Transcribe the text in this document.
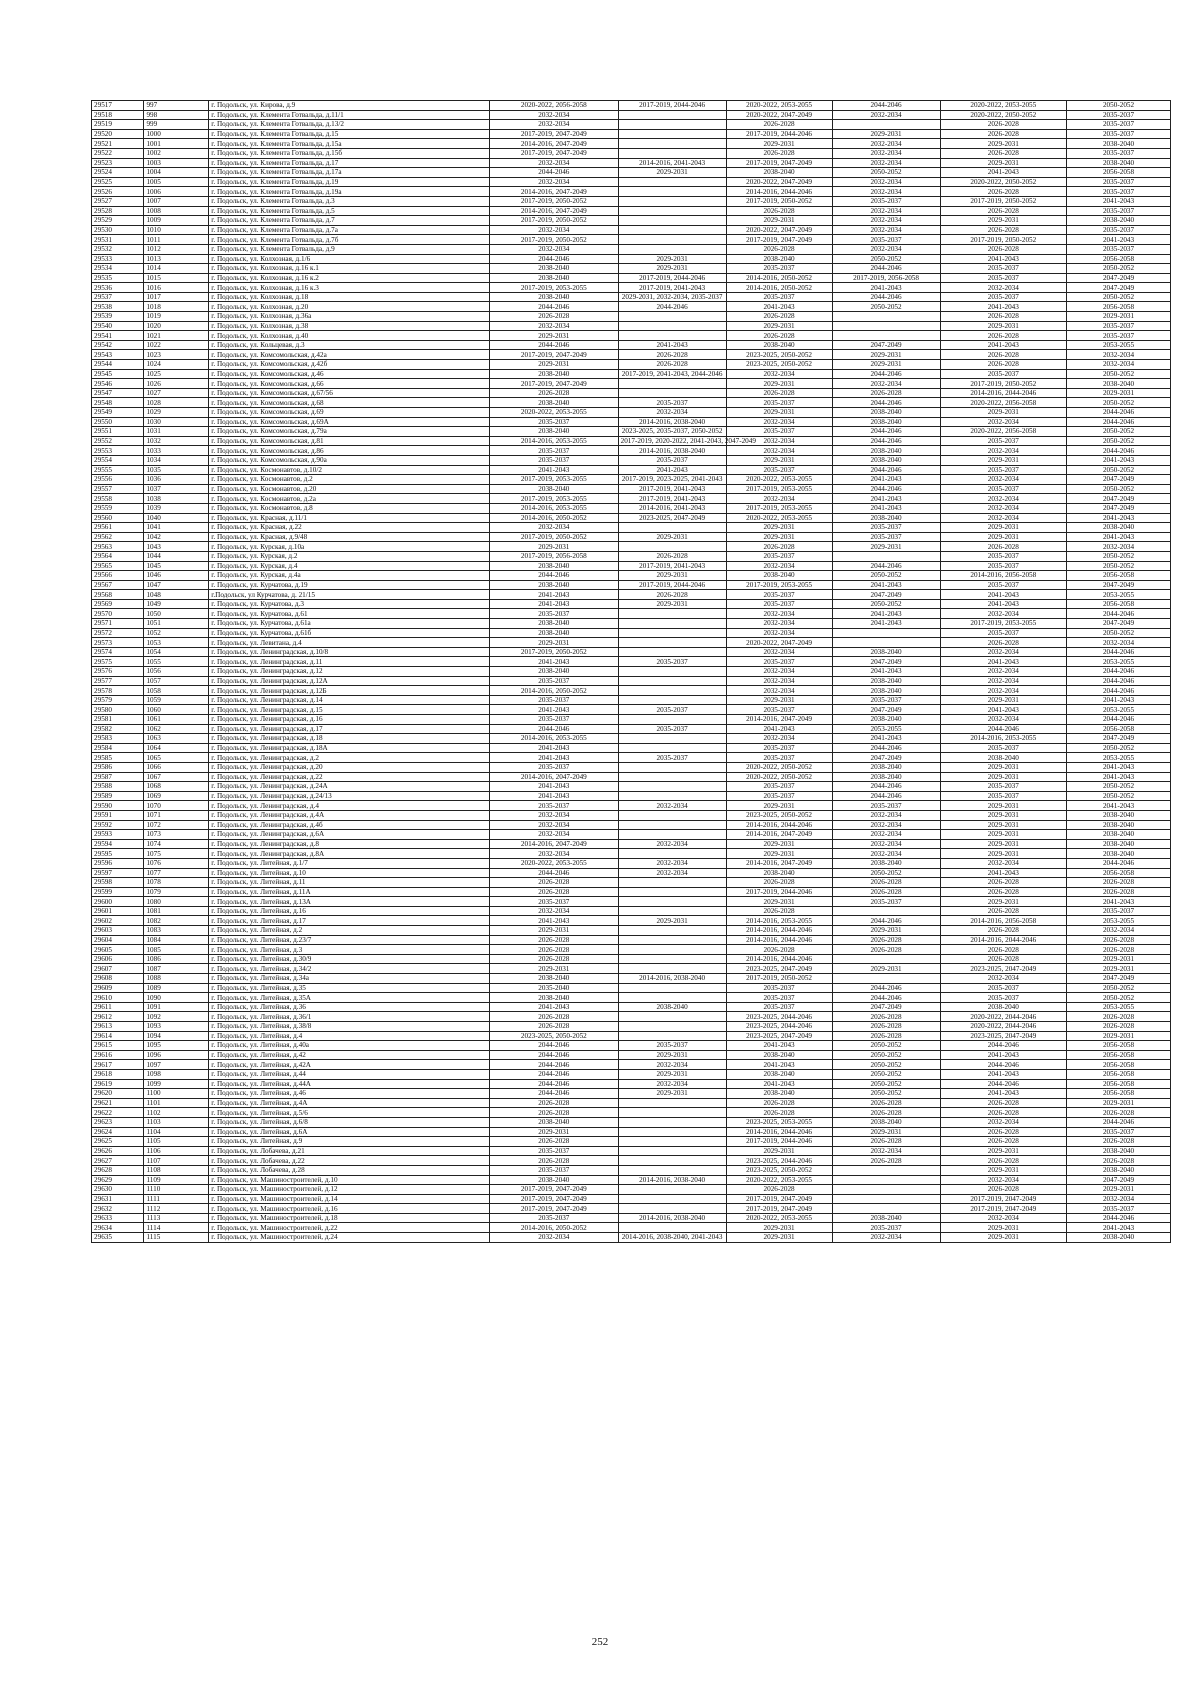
29517	997	г. Подольск, ул. Кирова, д.9	2020-2022, 2056-2058	2017-2019, 2044-2046	2020-2022, 2053-2055	2044-2046	2020-2022, 2053-2055	2050-2052
29518	998	г. Подольск, ул. Клемента Готвальда, д.11/1	2032-2034		2020-2022, 2047-2049	2032-2034	2020-2022, 2050-2052	2035-2037
29519	999	г. Подольск, ул. Клемента Готвальда, д.13/2	2032-2034		2026-2028		2026-2028	2035-2037
29520	1000	г. Подольск, ул. Клемента Готвальда, д.15	2017-2019, 2047-2049		2017-2019, 2044-2046	2029-2031	2026-2028	2035-2037
29521	1001	г. Подольск, ул. Клемента Готвальда, д.15а	2014-2016, 2047-2049		2029-2031	2032-2034	2029-2031	2038-2040
29522	1002	г. Подольск, ул. Клемента Готвальда, д.15б	2017-2019, 2047-2049		2026-2028	2032-2034	2026-2028	2035-2037
29523	1003	г. Подольск, ул. Клемента Готвальда, д.17	2032-2034	2014-2016, 2041-2043	2017-2019, 2047-2049	2032-2034	2029-2031	2038-2040
29524	1004	г. Подольск, ул. Клемента Готвальда, д.17а	2044-2046	2029-2031	2038-2040	2050-2052	2041-2043	2056-2058
29525	1005	г. Подольск, ул. Клемента Готвальда, д.19	2032-2034		2020-2022, 2047-2049	2032-2034	2020-2022, 2050-2052	2035-2037
29526	1006	г. Подольск, ул. Клемента Готвальда, д.19а	2014-2016, 2047-2049		2014-2016, 2044-2046	2032-2034	2026-2028	2035-2037
29527	1007	г. Подольск, ул. Клемента Готвальда, д.3	2017-2019, 2050-2052		2017-2019, 2050-2052	2035-2037	2017-2019, 2050-2052	2041-2043
29528	1008	г. Подольск, ул. Клемента Готвальда, д.5	2014-2016, 2047-2049		2026-2028	2032-2034	2026-2028	2035-2037
29529	1009	г. Подольск, ул. Клемента Готвальда, д.7	2017-2019, 2050-2052		2029-2031	2032-2034	2029-2031	2038-2040
29530	1010	г. Подольск, ул. Клемента Готвальда, д.7а	2032-2034		2020-2022, 2047-2049	2032-2034	2026-2028	2035-2037
29531	1011	г. Подольск, ул. Клемента Готвальда, д.7б	2017-2019, 2050-2052		2017-2019, 2047-2049	2035-2037	2017-2019, 2050-2052	2041-2043
29532	1012	г. Подольск, ул. Клемента Готвальда, д.9	2032-2034		2026-2028	2032-2034	2026-2028	2035-2037
29533	1013	г. Подольск, ул. Колхозная, д.1/6	2044-2046	2029-2031	2038-2040	2050-2052	2041-2043	2056-2058
29534	1014	г. Подольск, ул. Колхозная, д.16 к.1	2038-2040	2029-2031	2035-2037	2044-2046	2035-2037	2050-2052
29535	1015	г. Подольск, ул. Колхозная, д.16 к.2	2038-2040	2017-2019, 2044-2046	2014-2016, 2050-2052	2017-2019, 2056-2058	2035-2037	2047-2049
29536	1016	г. Подольск, ул. Колхозная, д.16 к.3	2017-2019, 2053-2055	2017-2019, 2041-2043	2014-2016, 2050-2052	2041-2043	2032-2034	2047-2049
29537	1017	г. Подольск, ул. Колхозная, д.18	2038-2040	2029-2031, 2032-2034, 2035-2037	2035-2037	2044-2046	2035-2037	2050-2052
29538	1018	г. Подольск, ул. Колхозная, д.20	2044-2046	2044-2046	2041-2043	2050-2052	2041-2043	2056-2058
29539	1019	г. Подольск, ул. Колхозная, д.36а	2026-2028		2026-2028		2026-2028	2029-2031
29540	1020	г. Подольск, ул. Колхозная, д.38	2032-2034		2029-2031		2029-2031	2035-2037
29541	1021	г. Подольск, ул. Колхозная, д.40	2029-2031		2026-2028		2026-2028	2035-2037
29542	1022	г. Подольск, ул. Кольцевая, д.3	2044-2046	2041-2043	2038-2040	2047-2049	2041-2043	2053-2055
29543	1023	г. Подольск, ул. Комсомольская, д.42а	2017-2019, 2047-2049	2026-2028	2023-2025, 2050-2052	2029-2031	2026-2028	2032-2034
29544	1024	г. Подольск, ул. Комсомольская, д.42б	2029-2031	2026-2028	2023-2025, 2050-2052	2029-2031	2026-2028	2032-2034
29545	1025	г. Подольск, ул. Комсомольская, д.46	2038-2040	2017-2019, 2041-2043, 2044-2046	2032-2034	2044-2046	2035-2037	2050-2052
29546	1026	г. Подольск, ул. Комсомольская, д.66	2017-2019, 2047-2049		2029-2031	2032-2034	2017-2019, 2050-2052	2038-2040
29547	1027	г. Подольск, ул. Комсомольская, д.67/56	2026-2028		2026-2028	2026-2028	2014-2016, 2044-2046	2029-2031
29548	1028	г. Подольск, ул. Комсомольская, д.68	2038-2040	2035-2037	2035-2037	2044-2046	2020-2022, 2056-2058	2050-2052
29549	1029	г. Подольск, ул. Комсомольская, д.69	2020-2022, 2053-2055	2032-2034	2029-2031	2038-2040	2029-2031	2044-2046
29550	1030	г. Подольск, ул. Комсомольская, д.69А	2035-2037	2014-2016, 2038-2040	2032-2034	2038-2040	2032-2034	2044-2046
29551	1031	г. Подольск, ул. Комсомольская, д.79а	2038-2040	2023-2025, 2035-2037, 2050-2052	2035-2037	2044-2046	2020-2022, 2056-2058	2050-2052
29552	1032	г. Подольск, ул. Комсомольская, д.81	2014-2016, 2053-2055	2017-2019, 2020-2022, 2041-2043, 2047-2049	2032-2034	2044-2046	2035-2037	2050-2052
29553	1033	г. Подольск, ул. Комсомольская, д.86	2035-2037	2014-2016, 2038-2040	2032-2034	2038-2040	2032-2034	2044-2046
29554	1034	г. Подольск, ул. Комсомольская, д.90а	2035-2037	2035-2037	2029-2031	2038-2040	2029-2031	2041-2043
29555	1035	г. Подольск, ул. Космонавтов, д.10/2	2041-2043	2041-2043	2035-2037	2044-2046	2035-2037	2050-2052
29556	1036	г. Подольск, ул. Космонавтов, д.2	2017-2019, 2053-2055	2017-2019, 2023-2025, 2041-2043	2020-2022, 2053-2055	2041-2043	2032-2034	2047-2049
29557	1037	г. Подольск, ул. Космонавтов, д.20	2038-2040	2017-2019, 2041-2043	2017-2019, 2053-2055	2044-2046	2035-2037	2050-2052
29558	1038	г. Подольск, ул. Космонавтов, д.2а	2017-2019, 2053-2055	2017-2019, 2041-2043	2032-2034	2041-2043	2032-2034	2047-2049
29559	1039	г. Подольск, ул. Космонавтов, д.8	2014-2016, 2053-2055	2014-2016, 2041-2043	2017-2019, 2053-2055	2041-2043	2032-2034	2047-2049
29560	1040	г. Подольск, ул. Красная, д.11/1	2014-2016, 2050-2052	2023-2025, 2047-2049	2020-2022, 2053-2055	2038-2040	2032-2034	2041-2043
29561	1041	г. Подольск, ул. Красная, д.22	2032-2034		2029-2031	2035-2037	2029-2031	2038-2040
29562	1042	г. Подольск, ул. Красная, д.9/48	2017-2019, 2050-2052	2029-2031	2029-2031	2035-2037	2029-2031	2041-2043
29563	1043	г. Подольск, ул. Курская, д.10а	2029-2031		2026-2028	2029-2031	2026-2028	2032-2034
29564	1044	г. Подольск, ул. Курская, д.2	2017-2019, 2056-2058	2026-2028	2035-2037		2035-2037	2050-2052
29565	1045	г. Подольск, ул. Курская, д.4	2038-2040	2017-2019, 2041-2043	2032-2034	2044-2046	2035-2037	2050-2052
29566	1046	г. Подольск, ул. Курская, д.4а	2044-2046	2029-2031	2038-2040	2050-2052	2014-2016, 2056-2058	2056-2058
29567	1047	г. Подольск, ул. Курчатова, д.19	2038-2040	2017-2019, 2044-2046	2017-2019, 2053-2055	2041-2043	2035-2037	2047-2049
29568	1048	г.Подольск, ул Курчатова, д. 21/15	2041-2043	2026-2028	2035-2037	2047-2049	2041-2043	2053-2055
29569	1049	г. Подольск, ул. Курчатова, д.3	2041-2043	2029-2031	2035-2037	2050-2052	2041-2043	2056-2058
29570	1050	г. Подольск, ул. Курчатова, д.61	2035-2037		2032-2034	2041-2043	2032-2034	2044-2046
29571	1051	г. Подольск, ул. Курчатова, д.61а	2038-2040		2032-2034	2041-2043	2017-2019, 2053-2055	2047-2049
29572	1052	г. Подольск, ул. Курчатова, д.61б	2038-2040		2032-2034		2035-2037	2050-2052
29573	1053	г. Подольск, ул. Левитана, д.4	2029-2031		2020-2022, 2047-2049		2026-2028	2032-2034
29574	1054	г. Подольск, ул. Ленинградская, д.10/8	2017-2019, 2050-2052		2032-2034	2038-2040	2032-2034	2044-2046
29575	1055	г. Подольск, ул. Ленинградская, д.11	2041-2043	2035-2037	2035-2037	2047-2049	2041-2043	2053-2055
29576	1056	г. Подольск, ул. Ленинградская, д.12	2038-2040		2032-2034	2041-2043	2032-2034	2044-2046
29577	1057	г. Подольск, ул. Ленинградская, д.12А	2035-2037		2032-2034	2038-2040	2032-2034	2044-2046
29578	1058	г. Подольск, ул. Ленинградская, д.12Б	2014-2016, 2050-2052		2032-2034	2038-2040	2032-2034	2044-2046
29579	1059	г. Подольск, ул. Ленинградская, д.14	2035-2037		2029-2031	2035-2037	2029-2031	2041-2043
29580	1060	г. Подольск, ул. Ленинградская, д.15	2041-2043	2035-2037	2035-2037	2047-2049	2041-2043	2053-2055
29581	1061	г. Подольск, ул. Ленинградская, д.16	2035-2037		2014-2016, 2047-2049	2038-2040	2032-2034	2044-2046
29582	1062	г. Подольск, ул. Ленинградская, д.17	2044-2046	2035-2037	2041-2043	2053-2055	2044-2046	2056-2058
29583	1063	г. Подольск, ул. Ленинградская, д.18	2014-2016, 2053-2055		2032-2034	2041-2043	2014-2016, 2053-2055	2047-2049
29584	1064	г. Подольск, ул. Ленинградская, д.18А	2041-2043		2035-2037	2044-2046	2035-2037	2050-2052
29585	1065	г. Подольск, ул. Ленинградская, д.2	2041-2043	2035-2037	2035-2037	2047-2049	2038-2040	2053-2055
29586	1066	г. Подольск, ул. Ленинградская, д.20	2035-2037		2020-2022, 2050-2052	2038-2040	2029-2031	2041-2043
29587	1067	г. Подольск, ул. Ленинградская, д.22	2014-2016, 2047-2049		2020-2022, 2050-2052	2038-2040	2029-2031	2041-2043
29588	1068	г. Подольск, ул. Ленинградская, д.24А	2041-2043		2035-2037	2044-2046	2035-2037	2050-2052
29589	1069	г. Подольск, ул. Ленинградская, д.24/13	2041-2043		2035-2037	2044-2046	2035-2037	2050-2052
29590	1070	г. Подольск, ул. Ленинградская, д.4	2035-2037	2032-2034	2029-2031	2035-2037	2029-2031	2041-2043
29591	1071	г. Подольск, ул. Ленинградская, д.4А	2032-2034		2023-2025, 2050-2052	2032-2034	2029-2031	2038-2040
29592	1072	г. Подольск, ул. Ленинградская, д.4б	2032-2034		2014-2016, 2044-2046	2032-2034	2029-2031	2038-2040
29593	1073	г. Подольск, ул. Ленинградская, д.6А	2032-2034		2014-2016, 2047-2049	2032-2034	2029-2031	2038-2040
29594	1074	г. Подольск, ул. Ленинградская, д.8	2014-2016, 2047-2049	2032-2034	2029-2031	2032-2034	2029-2031	2038-2040
29595	1075	г. Подольск, ул. Ленинградская, д.8А	2032-2034		2029-2031	2032-2034	2029-2031	2038-2040
29596	1076	г. Подольск, ул. Литейная, д.1/7	2020-2022, 2053-2055	2032-2034	2014-2016, 2047-2049	2038-2040	2032-2034	2044-2046
29597	1077	г. Подольск, ул. Литейная, д.10	2044-2046	2032-2034	2038-2040	2050-2052	2041-2043	2056-2058
29598	1078	г. Подольск, ул. Литейная, д.11	2026-2028		2026-2028	2026-2028	2026-2028	2026-2028
29599	1079	г. Подольск, ул. Литейная, д.11А	2026-2028		2017-2019, 2044-2046	2026-2028	2026-2028	2026-2028
29600	1080	г. Подольск, ул. Литейная, д.13А	2035-2037		2029-2031	2035-2037	2029-2031	2041-2043
29601	1081	г. Подольск, ул. Литейная, д.16	2032-2034		2026-2028		2026-2028	2035-2037
29602	1082	г. Подольск, ул. Литейная, д.17	2041-2043	2029-2031	2014-2016, 2053-2055	2044-2046	2014-2016, 2056-2058	2053-2055
29603	1083	г. Подольск, ул. Литейная, д.2	2029-2031		2014-2016, 2044-2046	2029-2031	2026-2028	2032-2034
29604	1084	г. Подольск, ул. Литейная, д.23/7	2026-2028		2014-2016, 2044-2046	2026-2028	2014-2016, 2044-2046	2026-2028
29605	1085	г. Подольск, ул. Литейная, д.3	2026-2028		2026-2028	2026-2028	2026-2028	2026-2028
29606	1086	г. Подольск, ул. Литейная, д.30/9	2026-2028		2014-2016, 2044-2046		2026-2028	2029-2031
29607	1087	г. Подольск, ул. Литейная, д.34/2	2029-2031		2023-2025, 2047-2049	2029-2031	2023-2025, 2047-2049	2029-2031
29608	1088	г. Подольск, ул. Литейная, д.34а	2038-2040	2014-2016, 2038-2040	2017-2019, 2050-2052		2032-2034	2047-2049
29609	1089	г. Подольск, ул. Литейная, д.35	2035-2040		2035-2037	2044-2046	2035-2037	2050-2052
29610	1090	г. Подольск, ул. Литейная, д.35А	2038-2040		2035-2037	2044-2046	2035-2037	2050-2052
29611	1091	г. Подольск, ул. Литейная, д.36	2041-2043	2038-2040	2035-2037	2047-2049	2038-2040	2053-2055
29612	1092	г. Подольск, ул. Литейная, д.36/1	2026-2028		2023-2025, 2044-2046	2026-2028	2020-2022, 2044-2046	2026-2028
29613	1093	г. Подольск, ул. Литейная, д.38/8	2026-2028		2023-2025, 2044-2046	2026-2028	2020-2022, 2044-2046	2026-2028
29614	1094	г. Подольск, ул. Литейная, д.4	2023-2025, 2050-2052		2023-2025, 2047-2049	2026-2028	2023-2025, 2047-2049	2029-2031
29615	1095	г. Подольск, ул. Литейная, д.40а	2044-2046	2035-2037	2041-2043	2050-2052	2044-2046	2056-2058
29616	1096	г. Подольск, ул. Литейная, д.42	2044-2046	2029-2031	2038-2040	2050-2052	2041-2043	2056-2058
29617	1097	г. Подольск, ул. Литейная, д.42А	2044-2046	2032-2034	2041-2043	2050-2052	2044-2046	2056-2058
29618	1098	г. Подольск, ул. Литейная, д.44	2044-2046	2029-2031	2038-2040	2050-2052	2041-2043	2056-2058
29619	1099	г. Подольск, ул. Литейная, д.44А	2044-2046	2032-2034	2041-2043	2050-2052	2044-2046	2056-2058
29620	1100	г. Подольск, ул. Литейная, д.46	2044-2046	2029-2031	2038-2040	2050-2052	2041-2043	2056-2058
29621	1101	г. Подольск, ул. Литейная, д.4А	2026-2028		2026-2028	2026-2028	2026-2028	2029-2031
29622	1102	г. Подольск, ул. Литейная, д.5/6	2026-2028		2026-2028	2026-2028	2026-2028	2026-2028
29623	1103	г. Подольск, ул. Литейная, д.6/8	2038-2040		2023-2025, 2053-2055	2038-2040	2032-2034	2044-2046
29624	1104	г. Подольск, ул. Литейная, д.6А	2029-2031		2014-2016, 2044-2046	2029-2031	2026-2028	2035-2037
29625	1105	г. Подольск, ул. Литейная, д.9	2026-2028		2017-2019, 2044-2046	2026-2028	2026-2028	2026-2028
29626	1106	г. Подольск, ул. Лобачева, д.21	2035-2037		2029-2031	2032-2034	2029-2031	2038-2040
29627	1107	г. Подольск, ул. Лобачева, д.22	2026-2028		2023-2025, 2044-2046	2026-2028	2026-2028	2026-2028
29628	1108	г. Подольск, ул. Лобачева, д.28	2035-2037		2023-2025, 2050-2052		2029-2031	2038-2040
29629	1109	г. Подольск, ул. Машиностроителей, д.10	2038-2040	2014-2016, 2038-2040	2020-2022, 2053-2055		2032-2034	2047-2049
29630	1110	г. Подольск, ул. Машиностроителей, д.12	2017-2019, 2047-2049		2026-2028		2026-2028	2029-2031
29631	1111	г. Подольск, ул. Машиностроителей, д.14	2017-2019, 2047-2049		2017-2019, 2047-2049		2017-2019, 2047-2049	2032-2034
29632	1112	г. Подольск, ул. Машиностроителей, д.16	2017-2019, 2047-2049		2017-2019, 2047-2049		2017-2019, 2047-2049	2035-2037
29633	1113	г. Подольск, ул. Машиностроителей, д.18	2035-2037	2014-2016, 2038-2040	2020-2022, 2053-2055	2038-2040	2032-2034	2044-2046
29634	1114	г. Подольск, ул. Машиностроителей, д.22	2014-2016, 2050-2052		2029-2031	2035-2037	2029-2031	2041-2043
29635	1115	г. Подольск, ул. Машиностроителей, д.24	2032-2034	2014-2016, 2038-2040, 2041-2043	2029-2031	2032-2034	2029-2031	2038-2040
252
